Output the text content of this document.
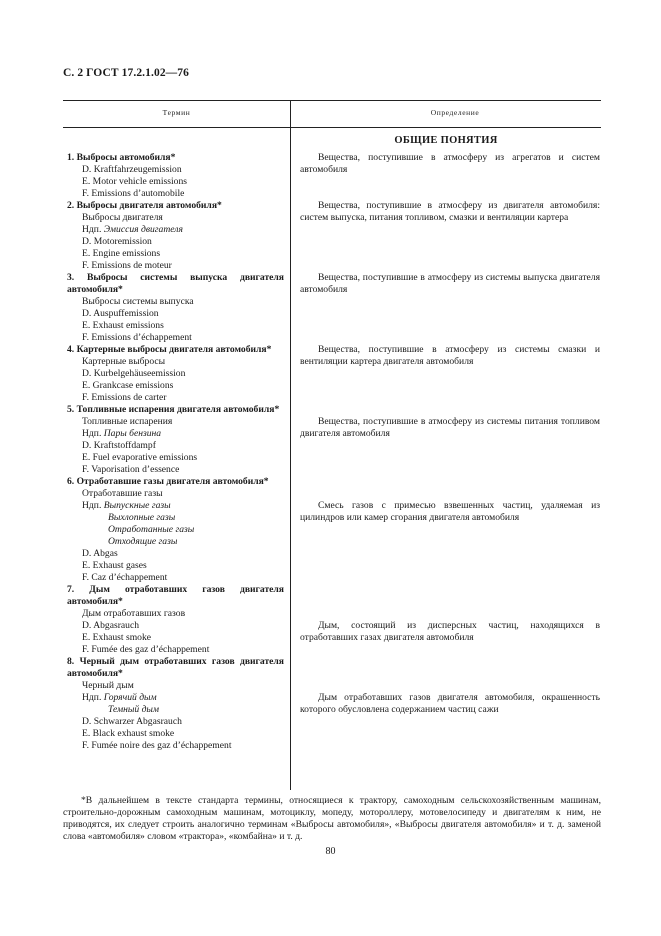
С. 2 ГОСТ 17.2.1.02—76
Термин	Определение
ОБЩИЕ ПОНЯТИЯ
1. Выбросы автомобиля*
D. Kraftfahrzeugemission
E. Motor vehicle emissions
F. Emissions d’automobile
2. Выбросы двигателя автомобиля*
Выбросы двигателя
Ндп. Эмиссия двигателя
D. Motoremission
E. Engine emissions
F. Emissions de moteur
3. Выбросы системы выпуска двигателя автомобиля*
Выбросы системы выпуска
D. Auspuffemission
E. Exhaust emissions
F. Emissions d’échappement
4. Картерные выбросы двигателя автомобиля*
Картерные выбросы
D. Kurbelgehäuseemission
E. Grankcase emissions
F. Emissions de carter
5. Топливные испарения двигателя автомобиля*
Топливные испарения
Ндп. Пары бензина
D. Kraftstoffdampf
E. Fuel evaporative emissions
F. Vaporisation d’essence
6. Отработавшие газы двигателя автомобиля*
Отработавшие газы
Ндп. Выпускные газы
Выхлопные газы
Отработанные газы
Отходящие газы
D. Abgas
E. Exhaust gases
F. Caz d’échappement
7. Дым отработавших газов двигателя автомобиля*
Дым отработавших газов
D. Abgasrauch
E. Exhaust smoke
F. Fumée des gaz d’échappement
8. Черный дым отработавших газов двигателя автомобиля*
Черный дым
Ндп. Горячий дым
Темный дым
D. Schwarzer Abgasrauch
E. Black exhaust smoke
F. Fumée noire des gaz d’échappement
Вещества, поступившие в атмосферу из агрегатов и систем автомобиля
Вещества, поступившие в атмосферу из двигателя автомобиля: систем выпуска, питания топливом, смазки и вентиляции картера
Вещества, поступившие в атмосферу из системы выпуска двигателя автомобиля
Вещества, поступившие в атмосферу из системы смазки и вентиляции картера двигателя автомобиля
Вещества, поступившие в атмосферу из системы питания топливом двигателя автомобиля
Смесь газов с примесью взвешенных частиц, удаляемая из цилиндров или камер сгорания двигателя автомобиля
Дым, состоящий из дисперсных частиц, находящихся в отработавших газах двигателя автомобиля
Дым отработавших газов двигателя автомобиля, окрашенность которого обусловлена содержанием частиц сажи
*В дальнейшем в тексте стандарта термины, относящиеся к трактору, самоходным сельскохозяйственным машинам, строительно-дорожным самоходным машинам, мотоциклу, мопеду, мотороллеру, мотовелосипеду и двигателям к ним, не приводятся, их следует строить аналогично терминам «Выбросы автомобиля», «Выбросы двигателя автомобиля» и т. д. заменой слова «автомобиля» словом «трактора», «комбайна» и т. д.
80
